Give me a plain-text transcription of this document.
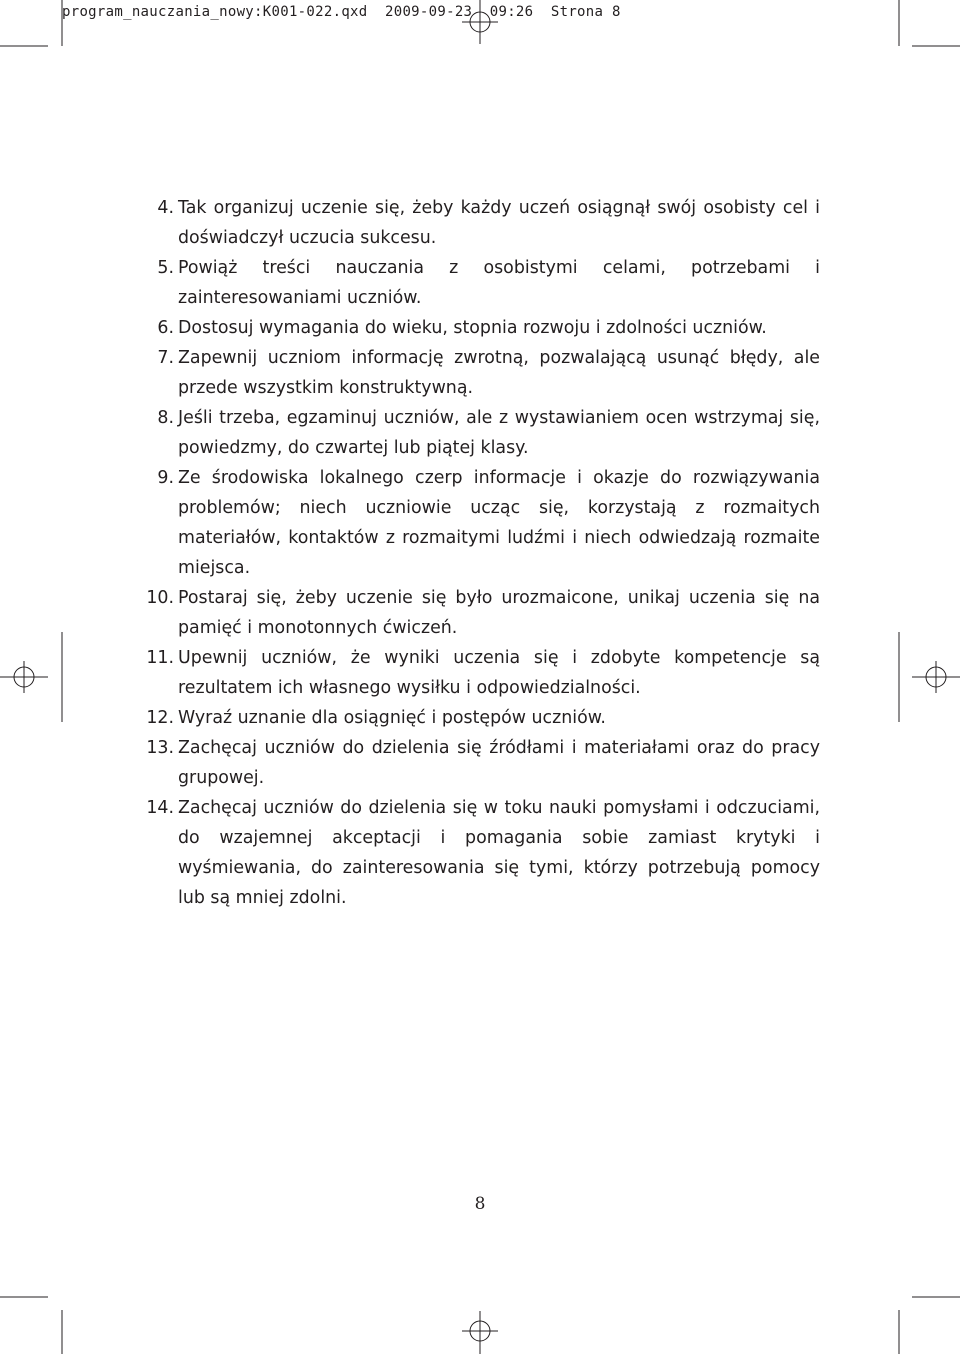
program_nauczania_nowy:K001-022.qxd 2009-09-23 09:26 Strona 8
4. Tak organizuj uczenie się, żeby każdy uczeń osiągnął swój osobisty cel i doświadczył uczucia sukcesu.
5. Powiąż treści nauczania z osobistymi celami, potrzebami i zainteresowaniami uczniów.
6. Dostosuj wymagania do wieku, stopnia rozwoju i zdolności uczniów.
7. Zapewnij uczniom informację zwrotną, pozwalającą usunąć błędy, ale przede wszystkim konstruktywną.
8. Jeśli trzeba, egzaminuj uczniów, ale z wystawianiem ocen wstrzymaj się, powiedzmy, do czwartej lub piątej klasy.
9. Ze środowiska lokalnego czerp informacje i okazje do rozwiązywania problemów; niech uczniowie ucząc się, korzystają z rozmaitych materiałów, kontaktów z rozmaitymi ludźmi i niech odwiedzają rozmaite miejsca.
10. Postaraj się, żeby uczenie się było urozmaicone, unikaj uczenia się na pamięć i monotonnych ćwiczeń.
11. Upewnij uczniów, że wyniki uczenia się i zdobyte kompetencje są rezultatem ich własnego wysiłku i odpowiedzialności.
12. Wyraź uznanie dla osiągnięć i postępów uczniów.
13. Zachęcaj uczniów do dzielenia się źródłami i materiałami oraz do pracy grupowej.
14. Zachęcaj uczniów do dzielenia się w toku nauki pomysłami i odczuciami, do wzajemnej akceptacji i pomagania sobie zamiast krytyki i wyśmiewania, do zainteresowania się tymi, którzy potrzebują pomocy lub są mniej zdolni.
8
